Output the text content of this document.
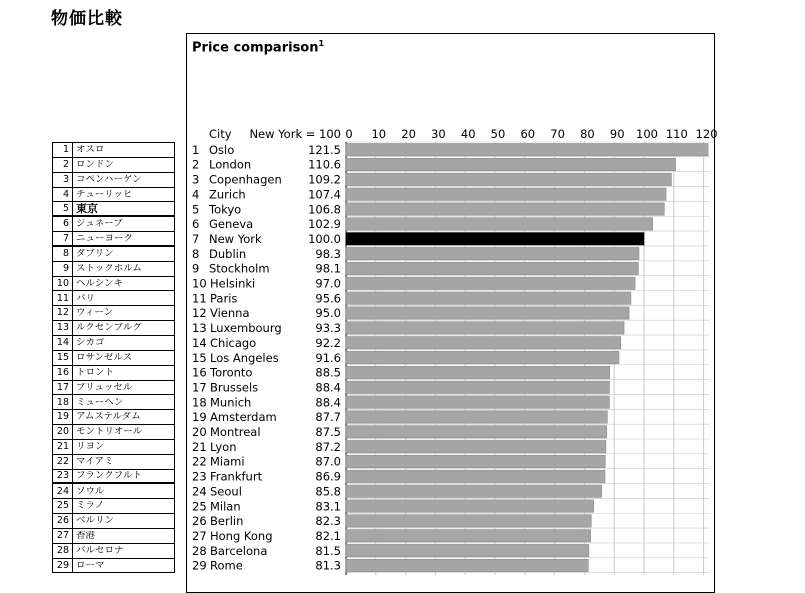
物価比較
1 オスロ
2 ロンドン
3 コペンハーゲン
4 チューリッヒ
5 東京
6 ジュネーブ
7 ニューヨーク
8 ダブリン
9 ストックホルム
10 ヘルシンキ
11 パリ
12 ウィーン
13 ルクセンブルグ
14 シカゴ
15 ロサンゼルス
16 トロント
17 ブリュッセル
18 ミューヘン
19 アムステルダム
20 モントリオール
21 リヨン
22 マイアミ
23 フランクフルト
24 ソウル
25 ミラノ
26 ベルリン
27 香港
28 バルセロナ
29 ローマ
Price comparison$^1$
0 10 20 30 40 50 60 70 80 90 100 110 120
City New York = 100
1 Oslo	121.5
2 London	110.6
3 Copenhagen 109.2
4 Zurich	107.4
5 Tokyo	106.8
6 Geneva	102.9
7 New York	100.0
8 Dublin	98.3
9 Stockholm	98.1
10 Helsinki	97.0
11 Paris	95.6
12 Vienna	95.0
13 Luxembourg	93.3
14 Chicago	92.2
15 Los Angeles	91.6
16 Toronto	88.5
17 Brussels	88.4
18 Munich	88.4
19 Amsterdam	87.7
20 Montreal	87.5
21 Lyon	87.2
22 Miami	87.0
23 Frankfurt	86.9
24 Seoul	85.8
25 Milan	83.1
26 Berlin	82.3
27 Hong Kong	82.1
28 Barcelona	81.5
29 Rome	81.3
